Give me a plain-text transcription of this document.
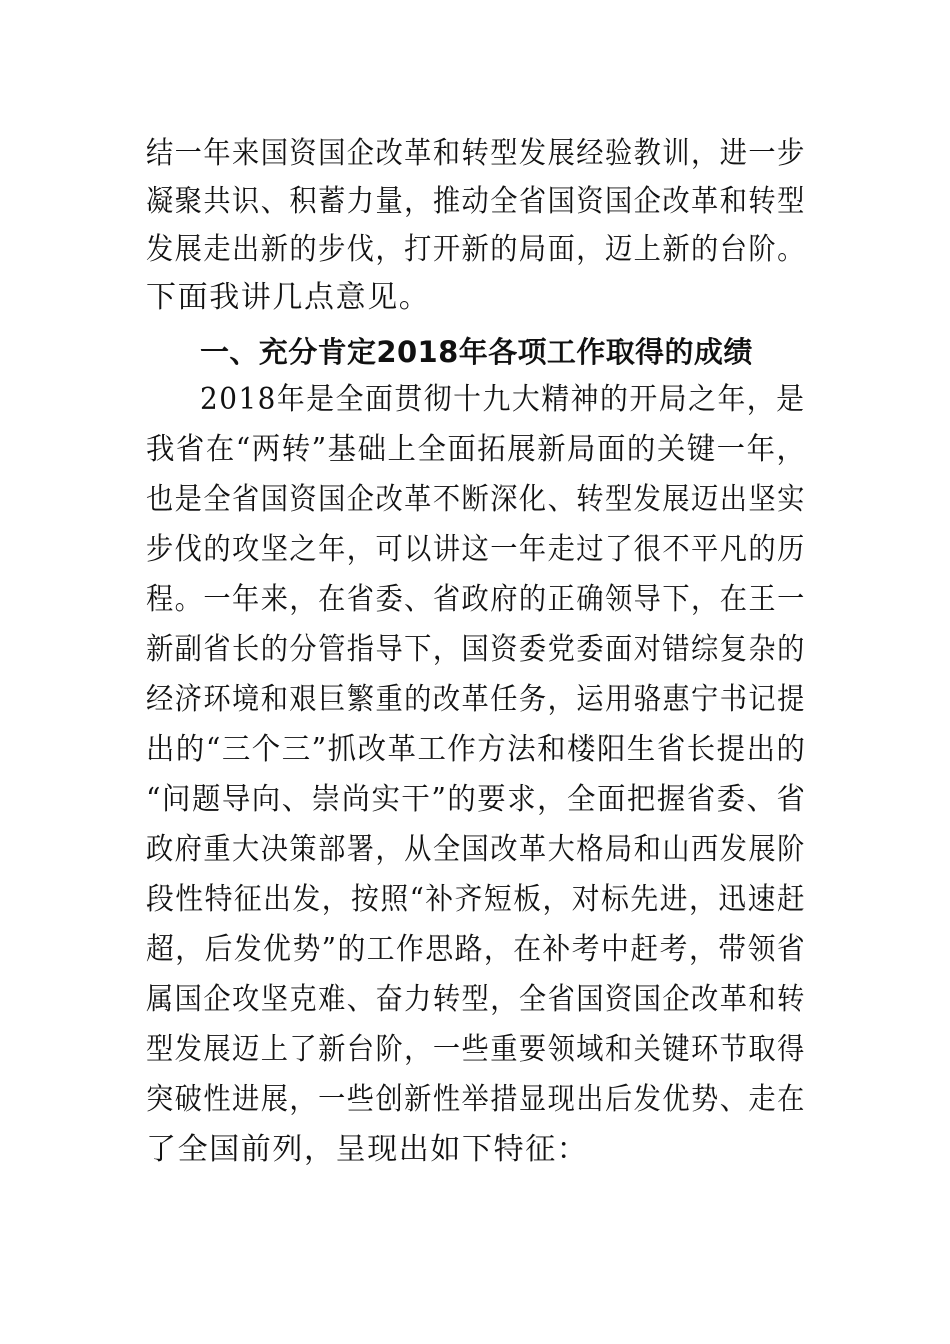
结一年来国资国企改革和转型发展经验教训，进一步
凝聚共识、积蓄力量，推动全省国资国企改革和转型
发展走出新的步伐，打开新的局面，迈上新的台阶。
下面我讲几点意见。
一、充分肯定2018年各项工作取得的成绩
2018年是全面贯彻十九大精神的开局之年，是
我省在“两转”基础上全面拓展新局面的关键一年，
也是全省国资国企改革不断深化、转型发展迈出坚实
步伐的攻坚之年，可以讲这一年走过了很不平凡的历
程。一年来，在省委、省政府的正确领导下，在王一
新副省长的分管指导下，国资委党委面对错综复杂的
经济环境和艰巨繁重的改革任务，运用骆惠宁书记提
出的“三个三”抓改革工作方法和楼阳生省长提出的
“问题导向、崇尚实干”的要求，全面把握省委、省
政府重大决策部署，从全国改革大格局和山西发展阶
段性特征出发，按照“补齐短板，对标先进，迅速赶
超，后发优势”的工作思路，在补考中赶考，带领省
属国企攻坚克难、奋力转型，全省国资国企改革和转
型发展迈上了新台阶，一些重要领域和关键环节取得
突破性进展，一些创新性举措显现出后发优势、走在
了全国前列，呈现出如下特征：
